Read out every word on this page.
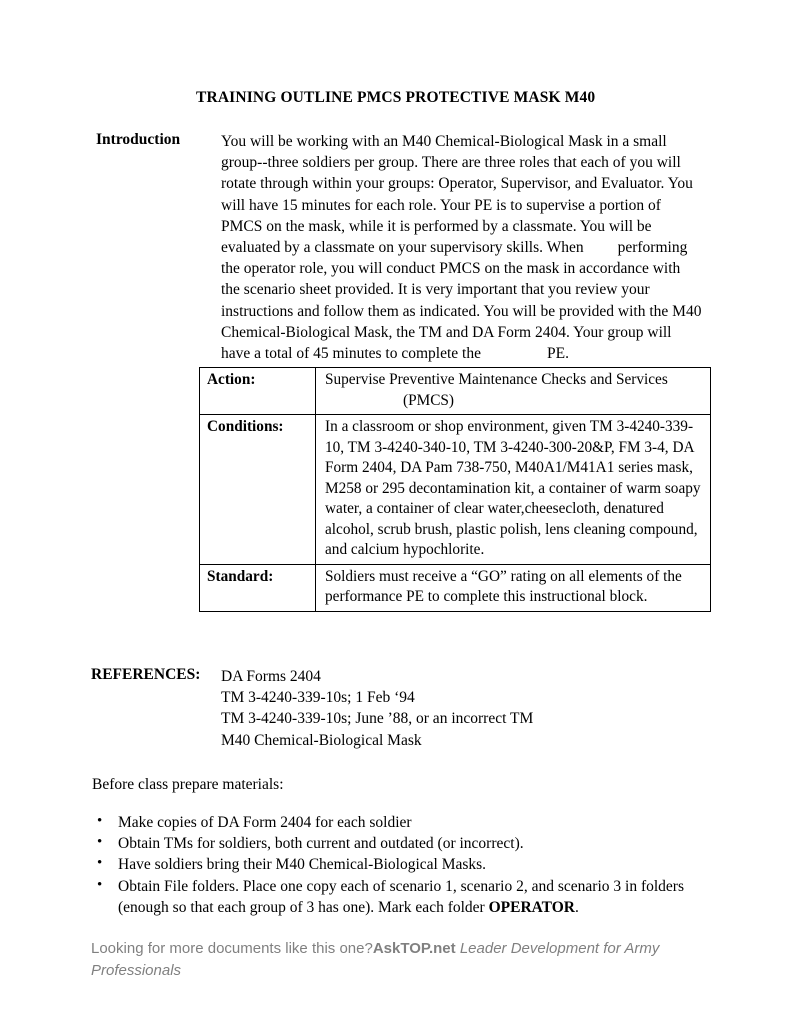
TRAINING OUTLINE PMCS PROTECTIVE MASK M40
Introduction	You will be working with an M40 Chemical-Biological Mask in a small group--three soldiers per group. There are three roles that each of you will rotate through within your groups: Operator, Supervisor, and Evaluator. You will have 15 minutes for each role. Your PE is to supervise a portion of PMCS on the mask, while it is performed by a classmate. You will be evaluated by a classmate on your supervisory skills. When performing the operator role, you will conduct PMCS on the mask in accordance with the scenario sheet provided. It is very important that you review your instructions and follow them as indicated. You will be provided with the M40 Chemical-Biological Mask, the TM and DA Form 2404. Your group will have a total of 45 minutes to complete the	PE.
Action:	Supervise Preventive Maintenance Checks and Services
(PMCS)

Conditions:	In a classroom or shop environment, given TM 3-4240-339-10, TM 3-4240-340-10, TM 3-4240-300-20&P, FM 3-4, DA Form 2404, DA Pam 738-750, M40A1/M41A1 series mask, M258 or 295 decontamination kit, a container of warm soapy water, a container of clear water,cheesecloth, denatured alcohol, scrub brush, plastic polish, lens cleaning compound, and calcium hypochlorite.
Standard:	Soldiers must receive a “GO” rating on all elements of the performance PE to complete this instructional block.
REFERENCES: DA Forms 2404
TM 3-4240-339-10s; 1 Feb ‘94
TM 3-4240-339-10s; June ’88, or an incorrect TM
M40 Chemical-Biological Mask
Before class prepare materials:
• Make copies of DA Form 2404 for each soldier
• Obtain TMs for soldiers, both current and outdated (or incorrect).
• Have soldiers bring their M40 Chemical-Biological Masks.
• Obtain File folders. Place one copy each of scenario 1, scenario 2, and scenario 3 in folders (enough so that each group of 3 has one). Mark each folder OPERATOR.
Looking for more documents like this one?AskTOP.net Leader Development for Army Professionals
